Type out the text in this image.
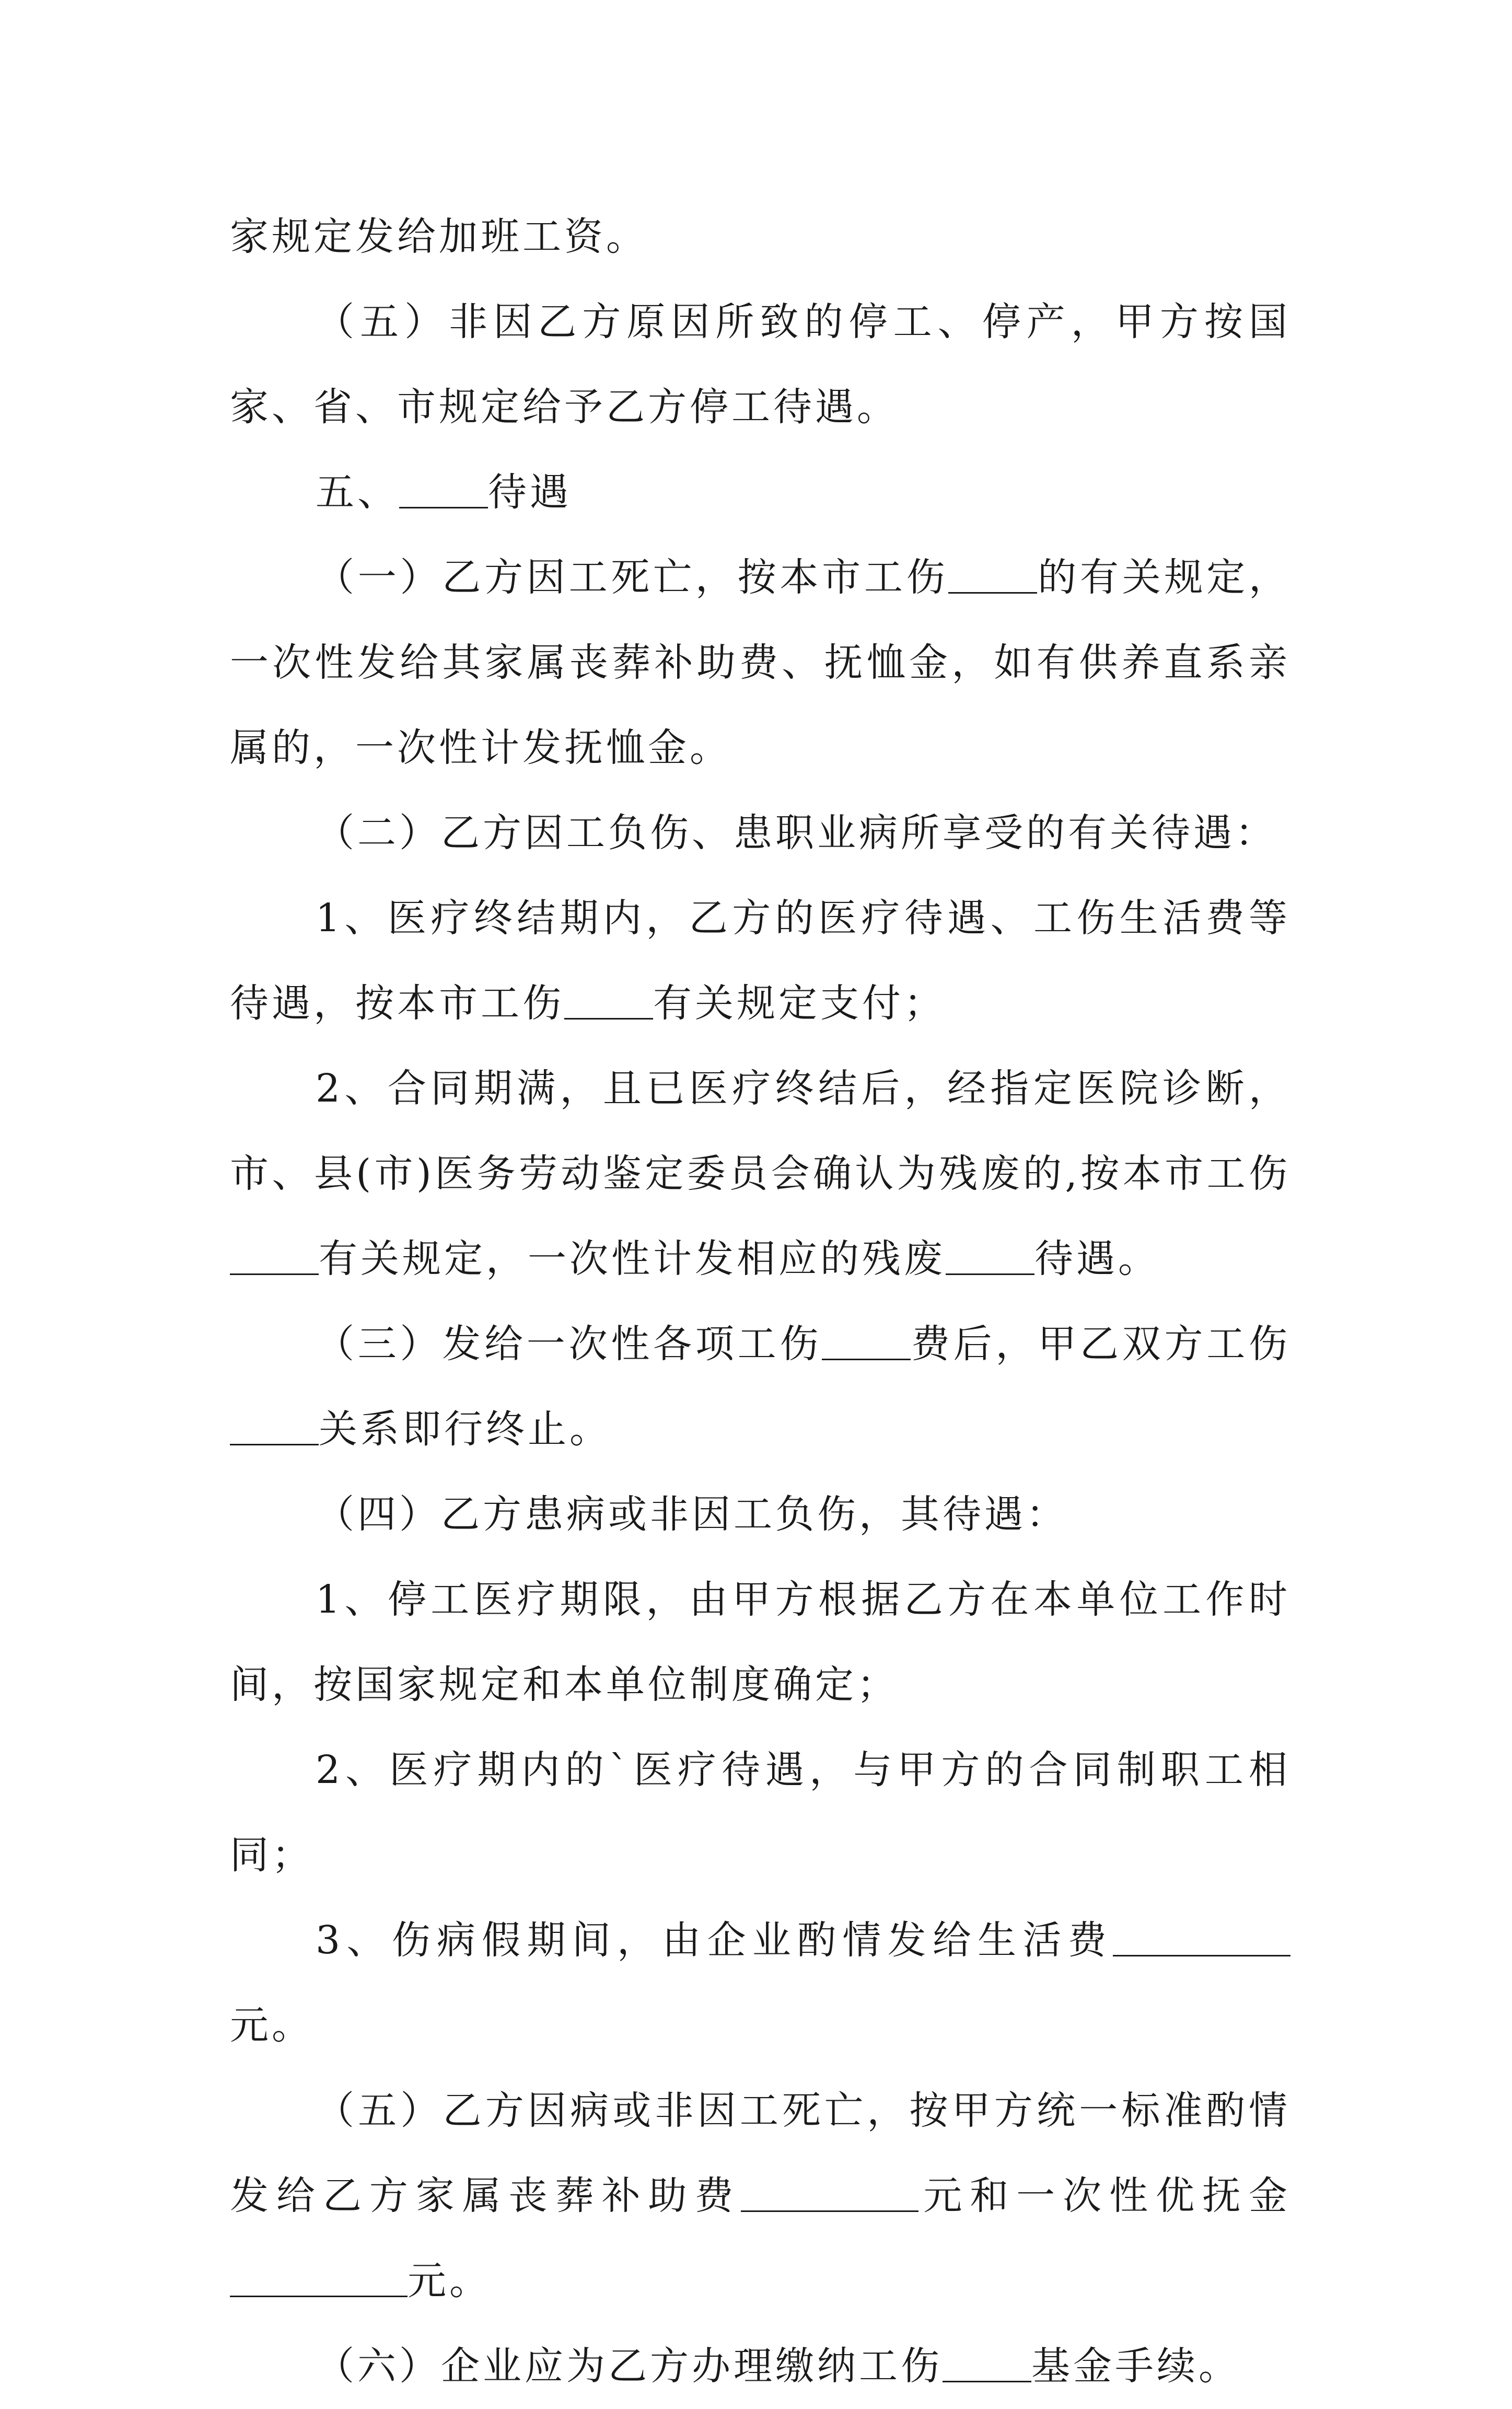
家规定发给加班工资。

（五）非因乙方原因所致的停工、停产，甲方按国家、省、市规定给予乙方停工待遇。

五、 待遇

（一）乙方因工死亡，按本市工伤 的有关规定，一次性发给其家属丧葬补助费、抚恤金，如有供养直系亲属的，一次性计发抚恤金。

（二）乙方因工负伤、患职业病所享受的有关待遇：

1、医疗终结期内，乙方的医疗待遇、工伤生活费等待遇，按本市工伤 有关规定支付；

2、合同期满，且已医疗终结后，经指定医院诊断，市、县(市)医务劳动鉴定委员会确认为残废的,按本市工伤有关规定，一次性计发相应的残废 待遇。

（三）发给一次性各项工伤 费后，甲乙双方工伤关系即行终止。

（四）乙方患病或非因工负伤，其待遇：

1、停工医疗期限，由甲方根据乙方在本单位工作时间，按国家规定和本单位制度确定；

2、医疗期内的`医疗待遇，与甲方的合同制职工相同；

3、伤病假期间，由企业酌情发给生活费元。

（五）乙方因病或非因工死亡，按甲方统一标准酌情发给乙方家属丧葬补助费	元和一次性优抚金元。

（六）企业应为乙方办理缴纳工伤 基金手续。
